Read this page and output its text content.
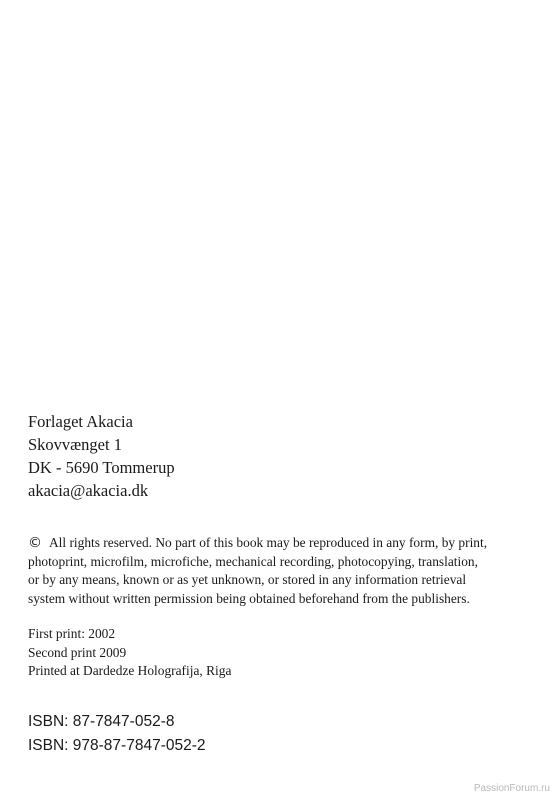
Forlaget Akacia
Skovvænget 1
DK - 5690 Tommerup
akacia@akacia.dk
© All rights reserved. No part of this book may be reproduced in any form, by print,
photoprint, microfilm, microfiche, mechanical recording, photocopying, translation,
or by any means, known or as yet unknown, or stored in any information retrieval
system without written permission being obtained beforehand from the publishers.
First print: 2002
Second print 2009
Printed at Dardedze Holografija, Riga
ISBN: 87-7847-052-8
ISBN: 978-87-7847-052-2
PassionForum.ru
